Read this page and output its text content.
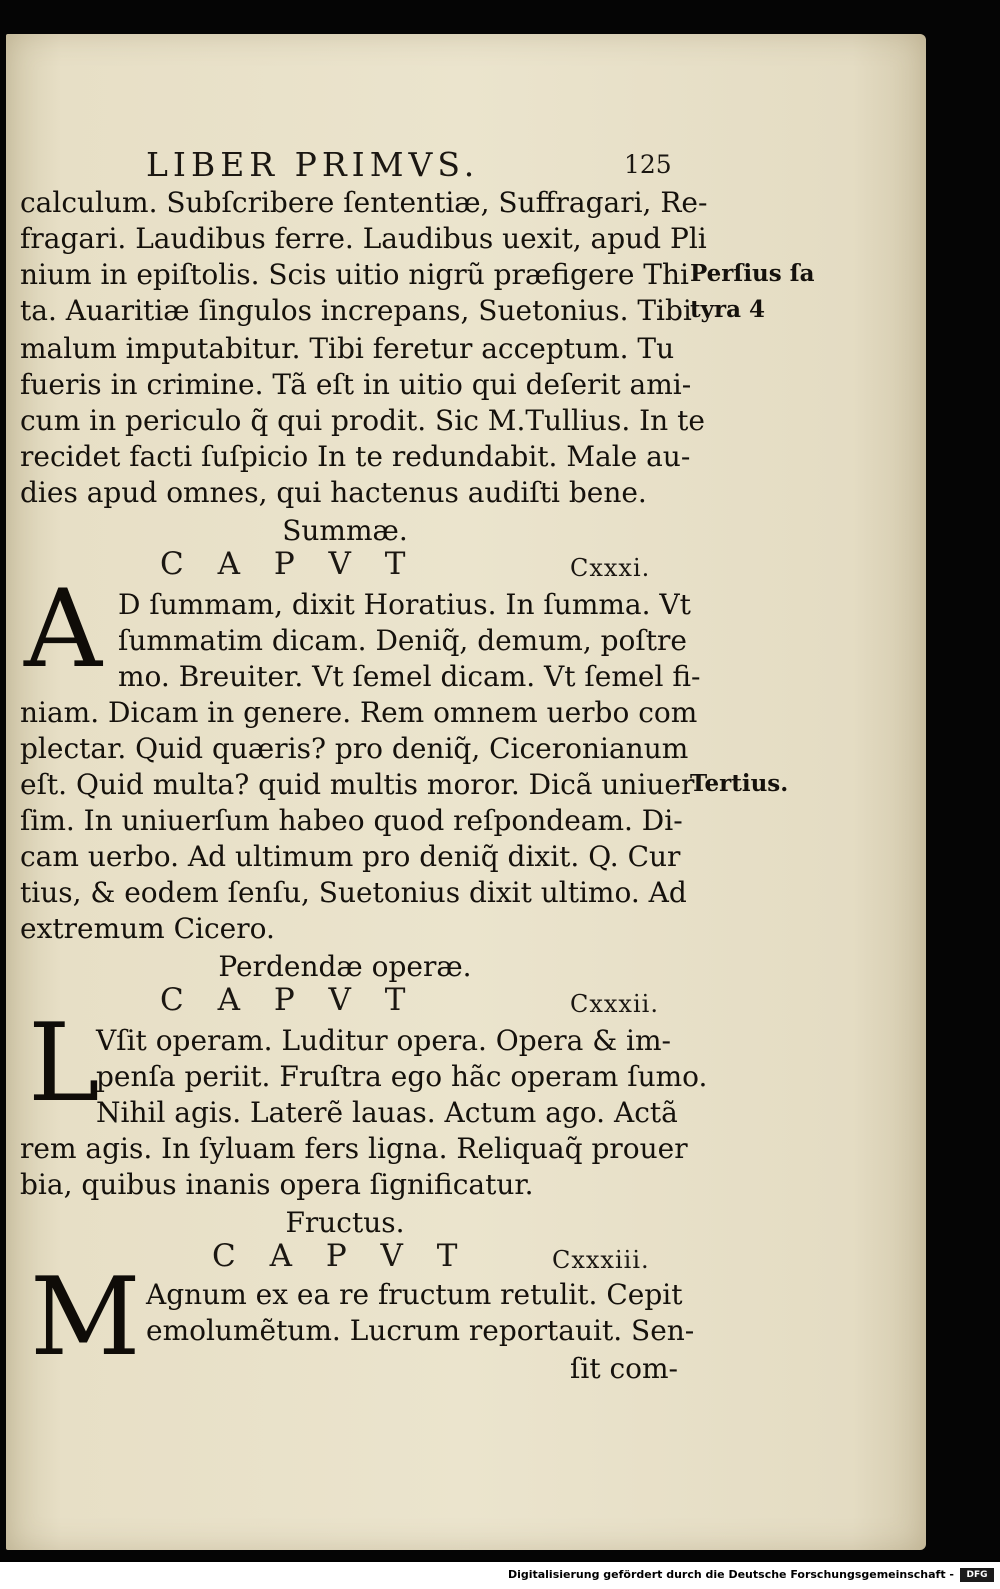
LIBER PRIMVS.	125
calculum. Subſcribere ſententiæ, Suffragari, Re-
fragari. Laudibus ferre. Laudibus uexit, apud Pli
nium in epiſtolis. Scis uitio nigrũ præfigere Thi
ta. Auaritiæ ſingulos increpans, Suetonius. Tibi
malum imputabitur. Tibi feretur acceptum. Tu
fueris in crimine. Tã eſt in uitio qui deſerit ami-
cum in periculo q̃ qui prodit. Sic M.Tullius. In te
recidet facti ſuſpicio In te redundabit. Male au-
dies apud omnes, qui hactenus audiſti bene.
Perſius ſa
tyra 4
Tertius.
Summæ.
C A P V T	Cxxxi.
A D ſummam, dixit Horatius. In ſumma. Vt
ſummatim dicam. Deniq̃, demum, poſtre
mo. Breuiter. Vt ſemel dicam. Vt ſemel fi-
niam. Dicam in genere. Rem omnem uerbo com
plectar. Quid quæris? pro deniq̃, Ciceronianum
eſt. Quid multa? quid multis moror. Dicã uniuer
ſim. In uniuerſum habeo quod reſpondeam. Di-
cam uerbo. Ad ultimum pro deniq̃ dixit. Q. Cur
tius, & eodem ſenſu, Suetonius dixit ultimo. Ad
extremum Cicero.
Perdendæ operæ.
C A P V T	Cxxxii.
L
Vſit operam. Luditur opera. Opera & im-
penſa periit. Fruſtra ego hãc operam ſumo.
Nihil agis. Laterẽ lauas. Actum ago. Actã
rem agis. In ſyluam fers ligna. Reliquaq̃ prouer
bia, quibus inanis opera ſignificatur.
Fructus.
C A P V T	Cxxxiii.
M Agnum ex ea re fructum retulit. Cepit
emolumẽtum. Lucrum reportauit. Sen-
ſit com-
Digitalisierung gefördert durch die Deutsche Forschungsgemeinschaft -	DFG
